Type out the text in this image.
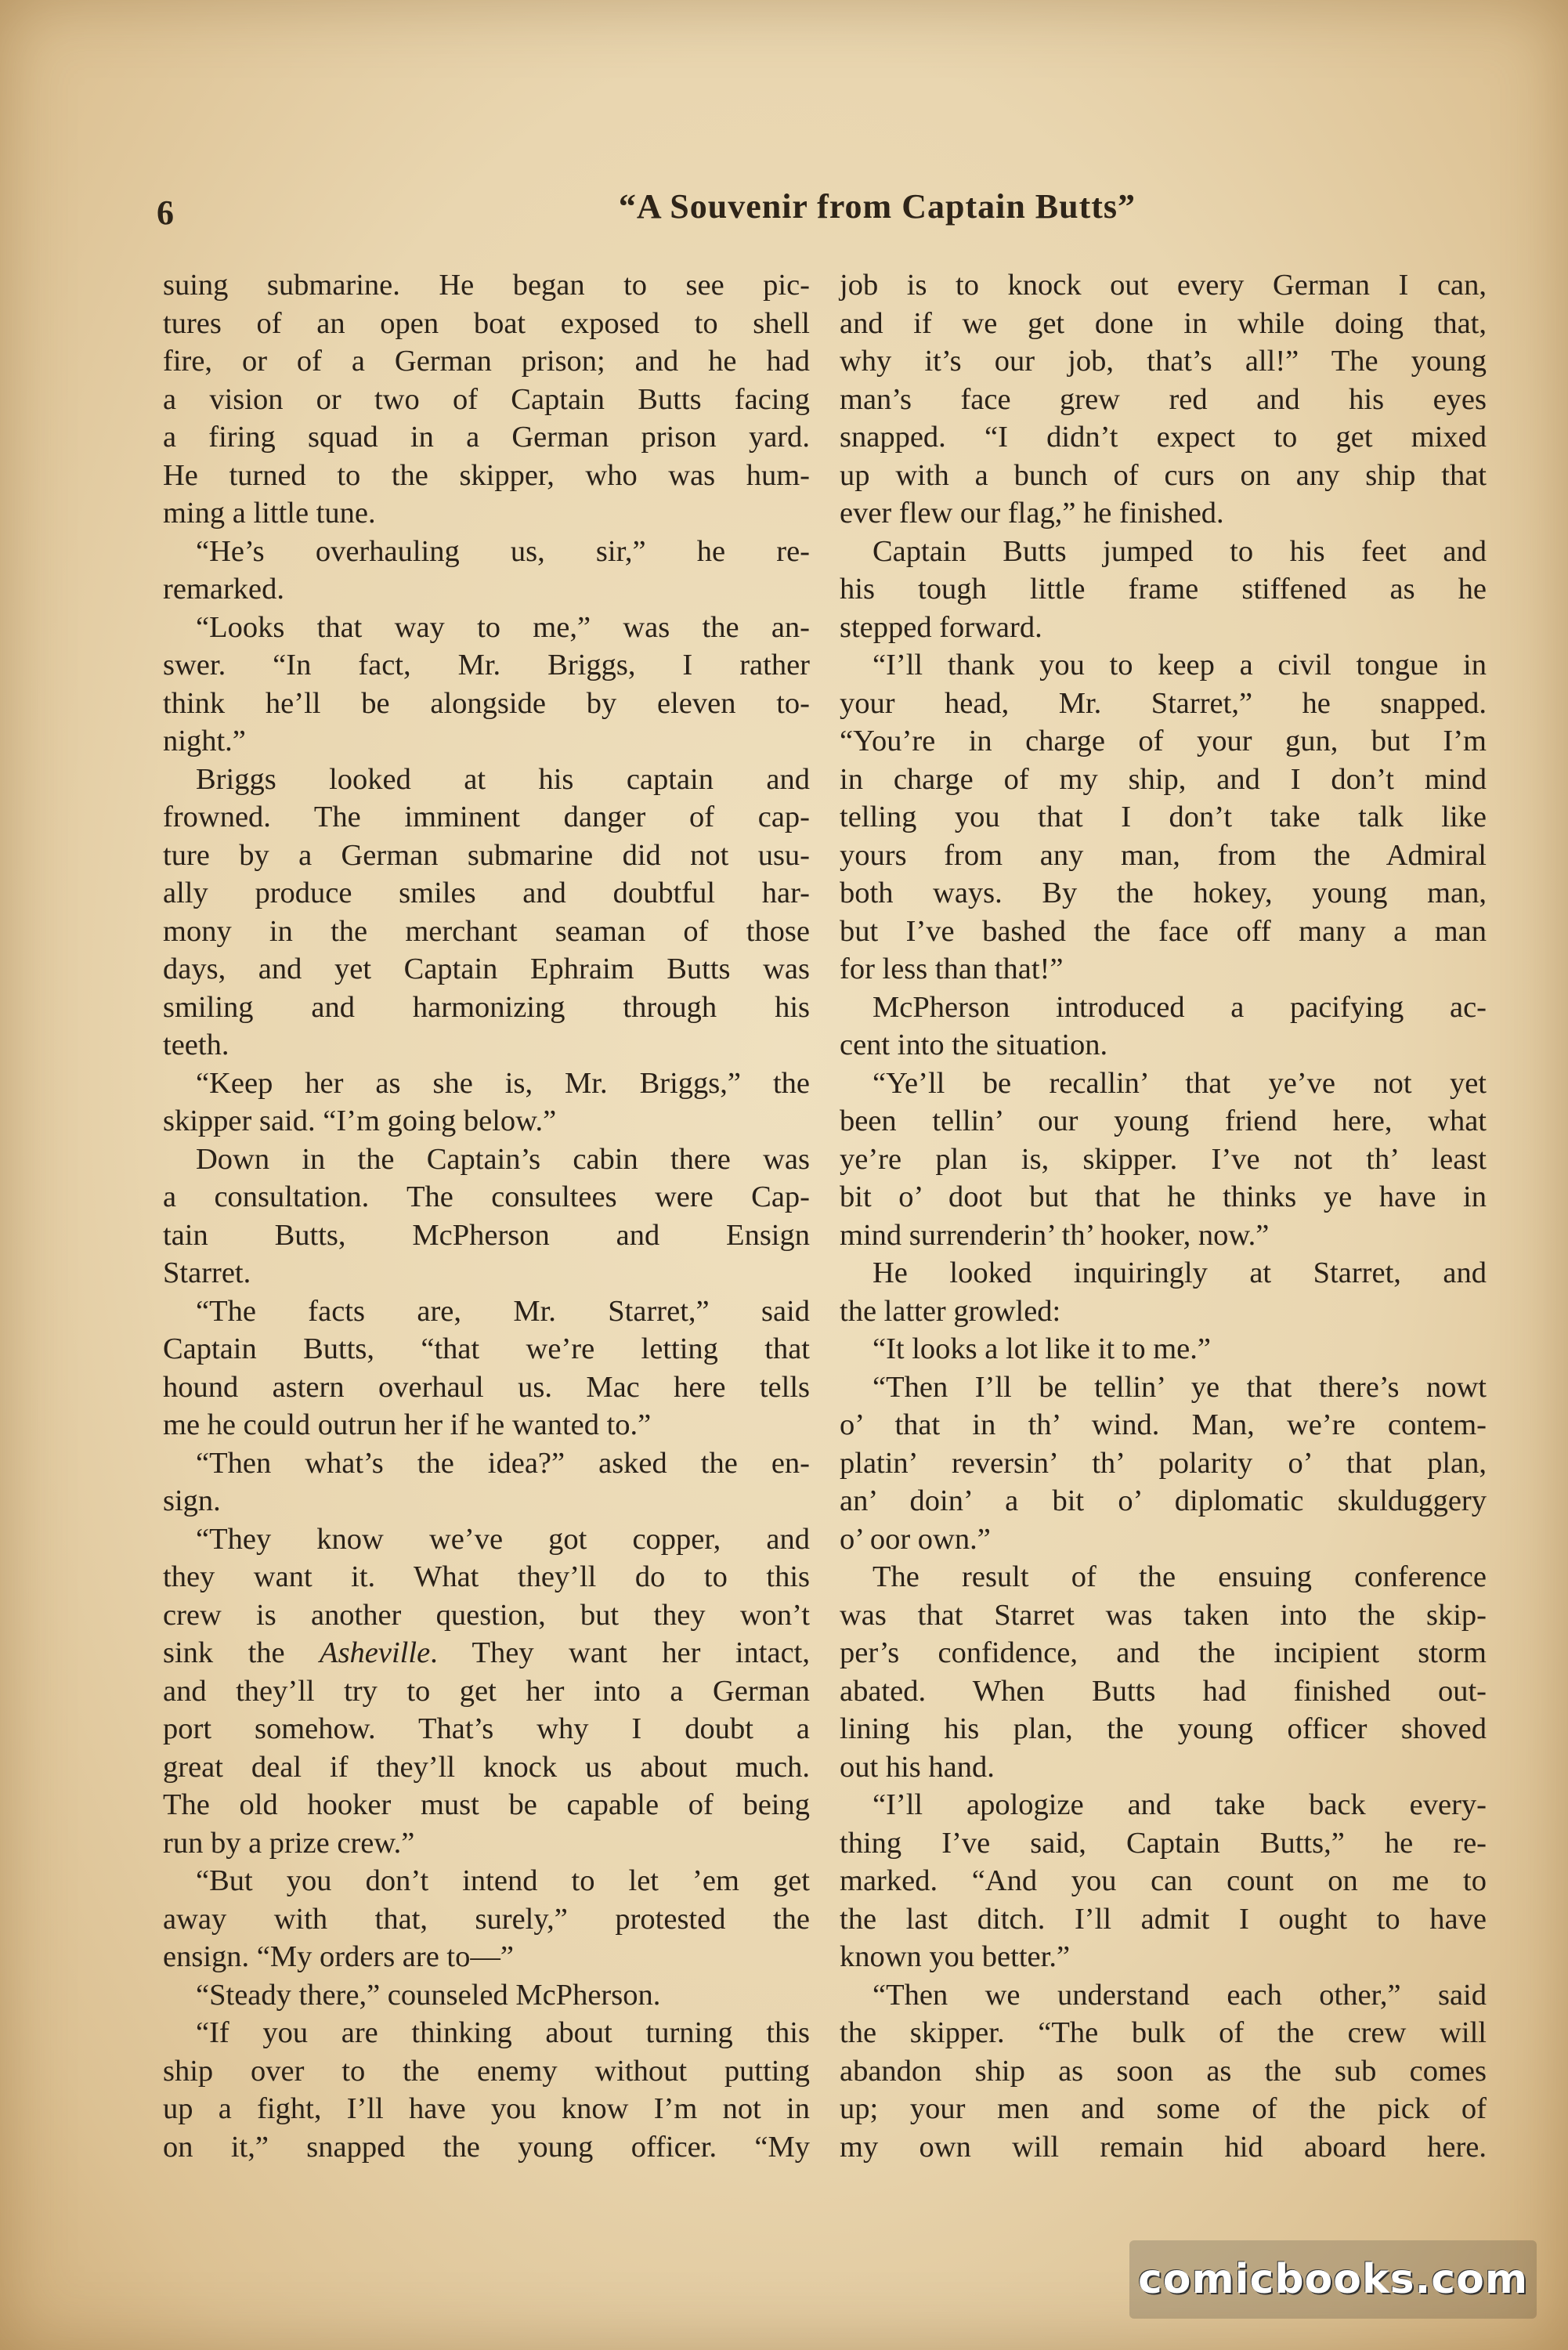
6	“A Souvenir from Captain Butts”
suing submarine. He began to see pic-
tures of an open boat exposed to shell
fire, or of a German prison; and he had
a vision or two of Captain Butts facing
a firing squad in a German prison yard.
He turned to the skipper, who was hum-
ming a little tune.
“He’s overhauling us, sir,” he re-
remarked.
“Looks that way to me,” was the an-
swer. “In fact, Mr. Briggs, I rather
think he’ll be alongside by eleven to-
night.”
Briggs looked at his captain and
frowned. The imminent danger of cap-
ture by a German submarine did not usu-
ally produce smiles and doubtful har-
mony in the merchant seaman of those
days, and yet Captain Ephraim Butts was
smiling and harmonizing through his
teeth.
“Keep her as she is, Mr. Briggs,” the
skipper said. “I’m going below.”
Down in the Captain’s cabin there was
a consultation. The consultees were Cap-
tain Butts, McPherson and Ensign
Starret.
“The facts are, Mr. Starret,” said
Captain Butts, “that we’re letting that
hound astern overhaul us. Mac here tells
me he could outrun her if he wanted to.”
“Then what’s the idea?” asked the en-
sign.
“They know we’ve got copper, and
they want it. What they’ll do to this
crew is another question, but they won’t
sink the Asheville. They want her intact,
and they’ll try to get her into a German
port somehow. That’s why I doubt a
great deal if they’ll knock us about much.
The old hooker must be capable of being
run by a prize crew.”
“But you don’t intend to let ’em get
away with that, surely,” protested the
ensign. “My orders are to—”
“Steady there,” counseled McPherson.
“If you are thinking about turning this
ship over to the enemy without putting
up a fight, I’ll have you know I’m not in
on it,” snapped the young officer. “My
job is to knock out every German I can,
and if we get done in while doing that,
why it’s our job, that’s all!” The young
man’s face grew red and his eyes
snapped. “I didn’t expect to get mixed
up with a bunch of curs on any ship that
ever flew our flag,” he finished.
Captain Butts jumped to his feet and
his tough little frame stiffened as he
stepped forward.
“I’ll thank you to keep a civil tongue in
your head, Mr. Starret,” he snapped.
“You’re in charge of your gun, but I’m
in charge of my ship, and I don’t mind
telling you that I don’t take talk like
yours from any man, from the Admiral
both ways. By the hokey, young man,
but I’ve bashed the face off many a man
for less than that!”
McPherson introduced a pacifying ac-
cent into the situation.
“Ye’ll be recallin’ that ye’ve not yet
been tellin’ our young friend here, what
ye’re plan is, skipper. I’ve not th’ least
bit o’ doot but that he thinks ye have in
mind surrenderin’ th’ hooker, now.”
He looked inquiringly at Starret, and
the latter growled:
“It looks a lot like it to me.”
“Then I’ll be tellin’ ye that there’s nowt
o’ that in th’ wind. Man, we’re contem-
platin’ reversin’ th’ polarity o’ that plan,
an’ doin’ a bit o’ diplomatic skulduggery
o’ oor own.”
The result of the ensuing conference
was that Starret was taken into the skip-
per’s confidence, and the incipient storm
abated. When Butts had finished out-
lining his plan, the young officer shoved
out his hand.
“I’ll apologize and take back every-
thing I’ve said, Captain Butts,” he re-
marked. “And you can count on me to
the last ditch. I’ll admit I ought to have
known you better.”
“Then we understand each other,” said
the skipper. “The bulk of the crew will
abandon ship as soon as the sub comes
up; your men and some of the pick of
my own will remain hid aboard here.
comicbooks.com
